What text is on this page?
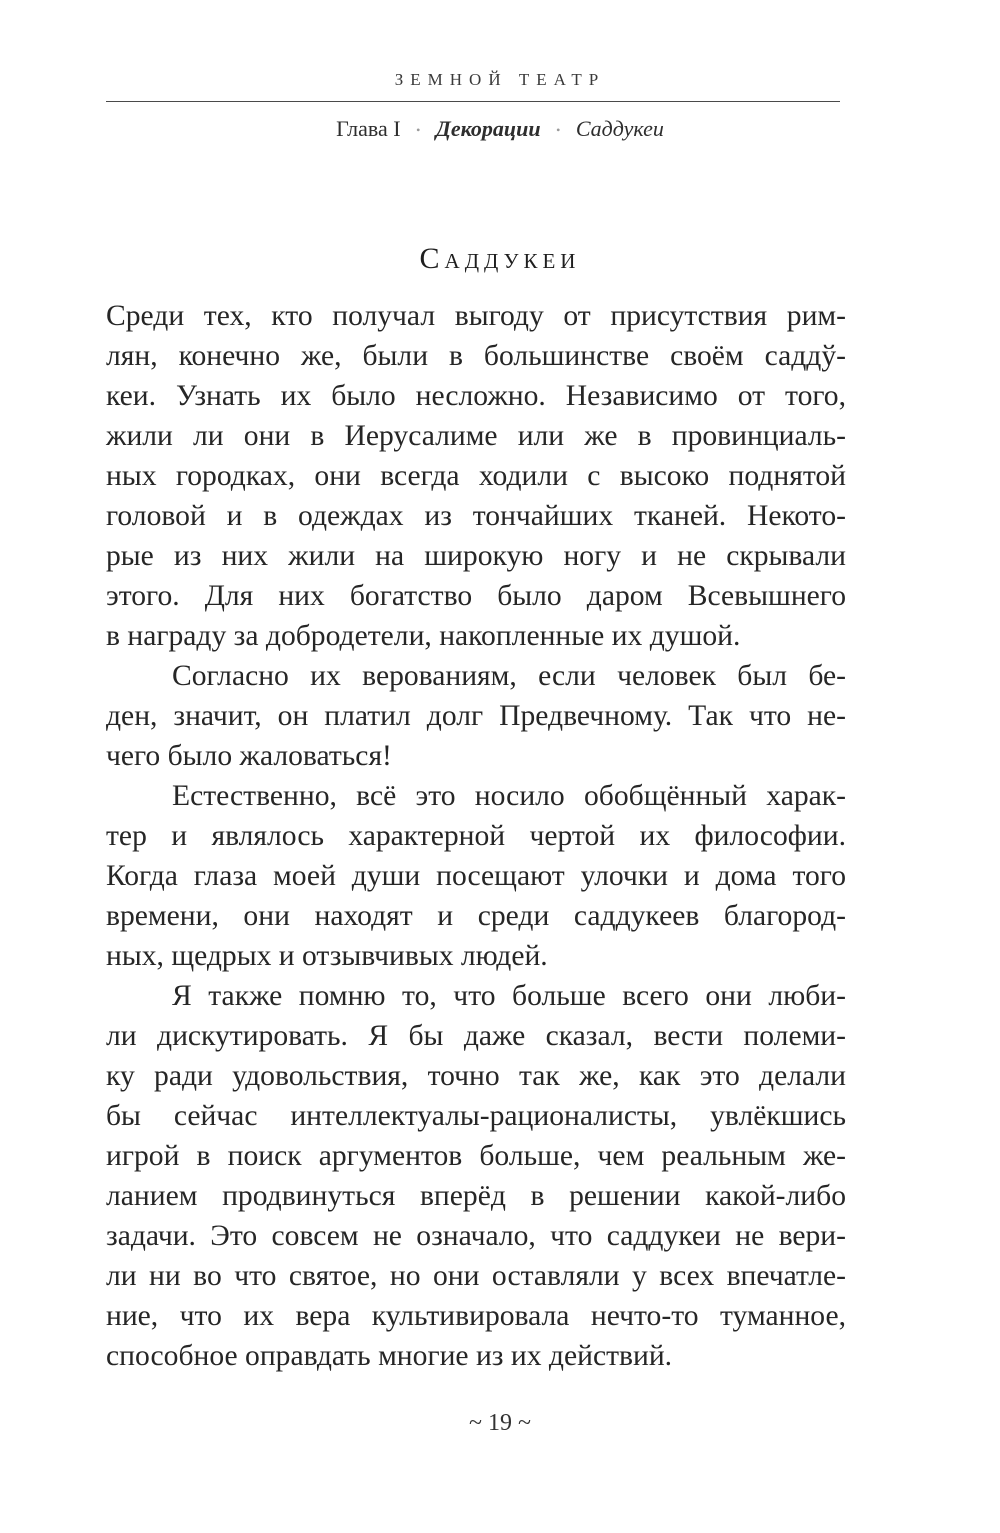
ЗЕМНОЙ ТЕАТР
Глава I • Декорации • Саддукеи
Саддукеи
Среди тех, кто получал выгоду от присутствия рим-
лян, конечно же, были в большинстве своём саддў-
кеи. Узнать их было несложно. Независимо от того,
жили ли они в Иерусалиме или же в провинциаль-
ных городках, они всегда ходили с высоко поднятой
головой и в одеждах из тончайших тканей. Некото-
рые из них жили на широкую ногу и не скрывали
этого. Для них богатство было даром Всевышнего
в награду за добродетели, накопленные их душой.
Согласно их верованиям, если человек был бе-
ден, значит, он платил долг Предвечному. Так что не-
чего было жаловаться!
Естественно, всё это носило обобщённый харак-
тер и являлось характерной чертой их философии.
Когда глаза моей души посещают улочки и дома того
времени, они находят и среди саддукеев благород-
ных, щедрых и отзывчивых людей.
Я также помню то, что больше всего они люби-
ли дискутировать. Я бы даже сказал, вести полеми-
ку ради удовольствия, точно так же, как это делали
бы сейчас интеллектуалы-рационалисты, увлёкшись
игрой в поиск аргументов больше, чем реальным же-
ланием продвинуться вперёд в решении какой-либо
задачи. Это совсем не означало, что саддукеи не вери-
ли ни во что святое, но они оставляли у всех впечатле-
ние, что их вера культивировала нечто-то туманное,
способное оправдать многие из их действий.
~ 19 ~
